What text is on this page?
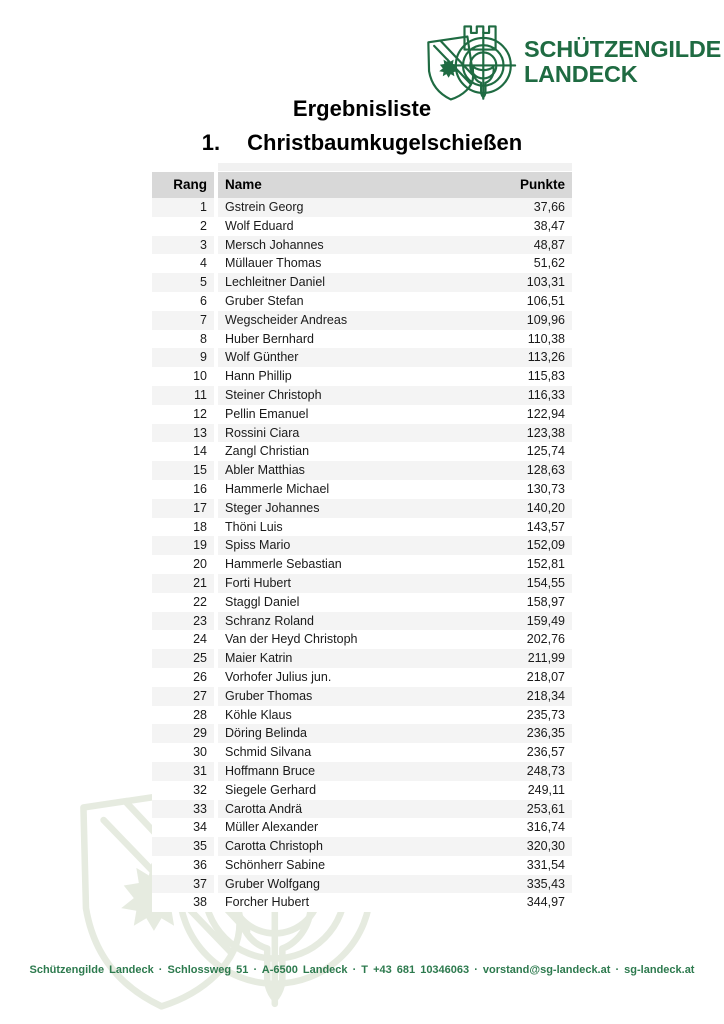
SCHÜTZENGILDE
LANDECK
Ergebnisliste
1. Christbaumkugelschießen
Rang	Name	Punkte
1	Gstrein Georg	37,66
2	Wolf Eduard	38,47
3	Mersch Johannes	48,87
4	Müllauer Thomas	51,62
5	Lechleitner Daniel	103,31
6	Gruber Stefan	106,51
7	Wegscheider Andreas	109,96
8	Huber Bernhard	110,38
9	Wolf Günther	113,26
10	Hann Phillip	115,83
11	Steiner Christoph	116,33
12	Pellin Emanuel	122,94
13	Rossini Ciara	123,38
14	Zangl Christian	125,74
15	Abler Matthias	128,63
16	Hammerle Michael	130,73
17	Steger Johannes	140,20
18	Thöni Luis	143,57
19	Spiss Mario	152,09
20	Hammerle Sebastian	152,81
21	Forti Hubert	154,55
22	Staggl Daniel	158,97
23	Schranz Roland	159,49
24	Van der Heyd Christoph	202,76
25	Maier Katrin	211,99
26	Vorhofer Julius jun.	218,07
27	Gruber Thomas	218,34
28	Köhle Klaus	235,73
29	Döring Belinda	236,35
30	Schmid Silvana	236,57
31	Hoffmann Bruce	248,73
32	Siegele Gerhard	249,11
33	Carotta Andrä	253,61
34	Müller Alexander	316,74
35	Carotta Christoph	320,30
36	Schönherr Sabine	331,54
37	Gruber Wolfgang	335,43
38	Forcher Hubert	344,97
Schützengilde Landeck · Schlossweg 51 · A-6500 Landeck · T +43 681 10346063 · vorstand@sg-landeck.at · sg-landeck.at
